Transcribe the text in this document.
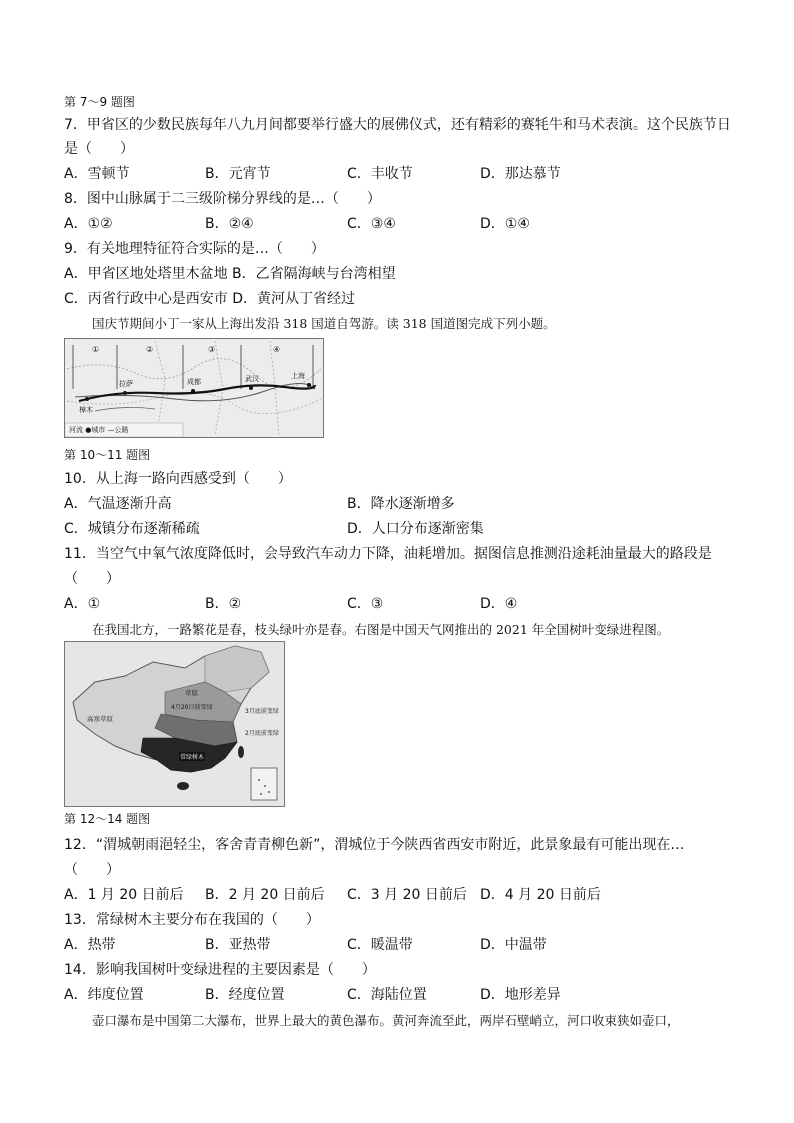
第 7～9 题图
7．甲省区的少数民族每年八九月间都要举行盛大的展佛仪式，还有精彩的赛牦牛和马术表演。这个民族节日
是（　　）
A．雪顿节	B．元宵节	C．丰收节	D．那达慕节
8．图中山脉属于二三级阶梯分界线的是…（　　）
A．①②	B．②④	C．③④	D．①④
9．有关地理特征符合实际的是…（　　）
A．甲省区地处塔里木盆地 B．乙省隔海峡与台湾相望
C．丙省行政中心是西安市 D．黄河从丁省经过
国庆节期间小丁一家从上海出发沿 318 国道自驾游。读 318 国道图完成下列小题。
①	②	③	④
拉萨	成都	武汉	上海
樟木
河流 ●城市 —公路
第 10～11 题图
10．从上海一路向西感受到（　　）
A．气温逐渐升高	B．降水逐渐增多
C．城镇分布逐渐稀疏	D．人口分布逐渐密集
11．当空气中氧气浓度降低时，会导致汽车动力下降，油耗增加。据图信息推测沿途耗油量最大的路段是
（　　）
A．①	B．②	C．③	D．④
在我国北方，一路繁花是春，枝头绿叶亦是春。右图是中国天气网推出的 2021 年全国树叶变绿进程图。
草原
4月20日前变绿
3月底前变绿
2月底前变绿
高寒草原
常绿树木
第 12～14 题图
12．“渭城朝雨浥轻尘，客舍青青柳色新”，渭城位于今陕西省西安市附近，此景象最有可能出现在…
（　　）
A．1 月 20 日前后 B．2 月 20 日前后 C．3 月 20 日前后 D．4 月 20 日前后
13．常绿树木主要分布在我国的（　　）
A．热带	B．亚热带	C．暖温带	D．中温带
14．影响我国树叶变绿进程的主要因素是（　　）
A．纬度位置	B．经度位置	C．海陆位置	D．地形差异
壶口瀑布是中国第二大瀑布，世界上最大的黄色瀑布。黄河奔流至此，两岸石壁峭立，河口收束狭如壶口，
